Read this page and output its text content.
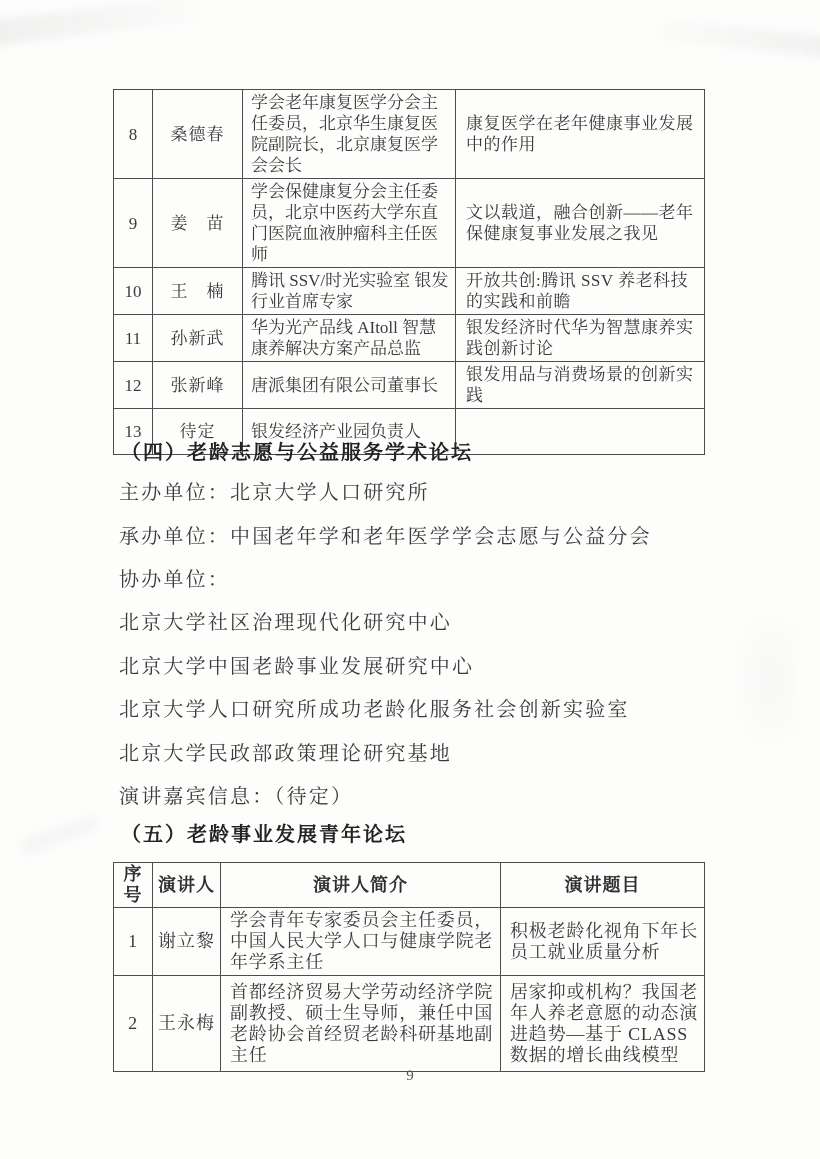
8	桑德春	学会老年康复医学分会主任委员，北京华生康复医院副院长，北京康复医学会会长	康复医学在老年健康事业发展中的作用
9	姜　苗	学会保健康复分会主任委员，北京中医药大学东直门医院血液肿瘤科主任医师	文以载道，融合创新——老年保健康复事业发展之我见
10	王　楠	腾讯 SSV/时光实验室 银发行业首席专家	开放共创:腾讯 SSV 养老科技的实践和前瞻
11	孙新武	华为光产品线 AItoll 智慧康养解决方案产品总监	银发经济时代华为智慧康养实践创新讨论
12	张新峰	唐派集团有限公司董事长	银发用品与消费场景的创新实践
13	待定	银发经济产业园负责人	
（四）老龄志愿与公益服务学术论坛
主办单位：北京大学人口研究所
承办单位：中国老年学和老年医学学会志愿与公益分会
协办单位：
北京大学社区治理现代化研究中心
北京大学中国老龄事业发展研究中心
北京大学人口研究所成功老龄化服务社会创新实验室
北京大学民政部政策理论研究基地
演讲嘉宾信息：（待定）
（五）老龄事业发展青年论坛
序号	演讲人	演讲人简介	演讲题目
1	谢立黎	学会青年专家委员会主任委员，中国人民大学人口与健康学院老年学系主任	积极老龄化视角下年长员工就业质量分析
2	王永梅	首都经济贸易大学劳动经济学院副教授、硕士生导师，兼任中国老龄协会首经贸老龄科研基地副主任	居家抑或机构？我国老年人养老意愿的动态演进趋势—基于 CLASS 数据的增长曲线模型
9
